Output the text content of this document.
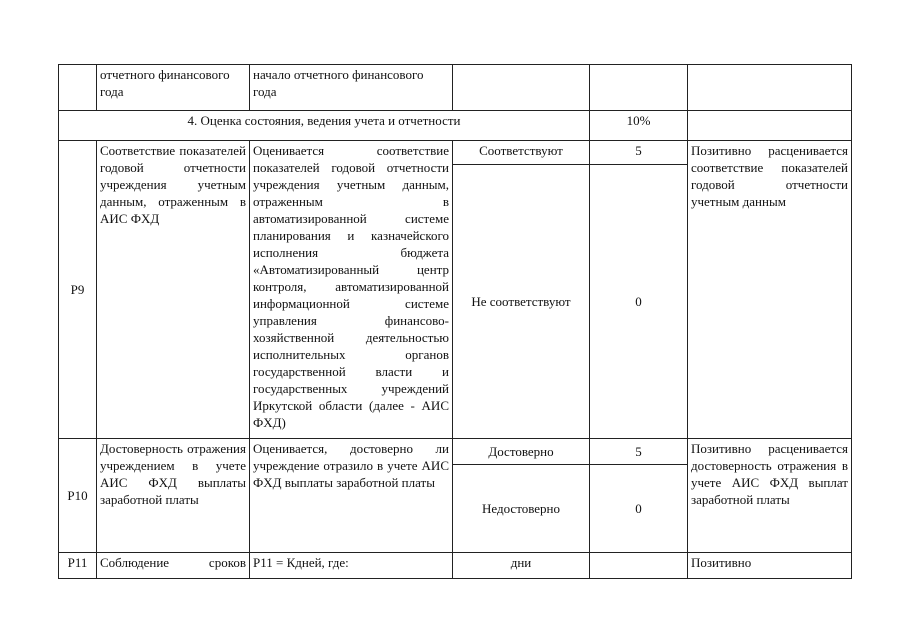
	отчетного финансового года	начало отчетного финансового года			
4. Оценка состояния, ведения учета и отчетности				10%	
P9	Соответствие показателей годовой отчетности учреждения учетным данным, отраженным в АИС ФХД	Оценивается соответствие показателей годовой отчетности учреждения учетным данным, отраженным в автоматизированной системе планирования и казначейского исполнения бюджета «Автоматизированный центр контроля, автоматизированной информационной системе управления финансово-хозяйственной деятельностью исполнительных органов государственной власти и государственных учреждений Иркутской области (далее - АИС ФХД)	Соответствуют	5	Позитивно расценивается соответствие показателей годовой отчетности учетным данным
			Не соответствуют	0	
P10	Достоверность отражения учреждением в учете АИС ФХД выплаты заработной платы	Оценивается, достоверно ли учреждение отразило в учете АИС ФХД выплаты заработной платы	Достоверно	5	Позитивно расценивается достоверность отражения в учете АИС ФХД выплат заработной платы
			Недостоверно	0	
P11	Соблюдение сроков	P11 = Кдней, где:	дни		Позитивно
